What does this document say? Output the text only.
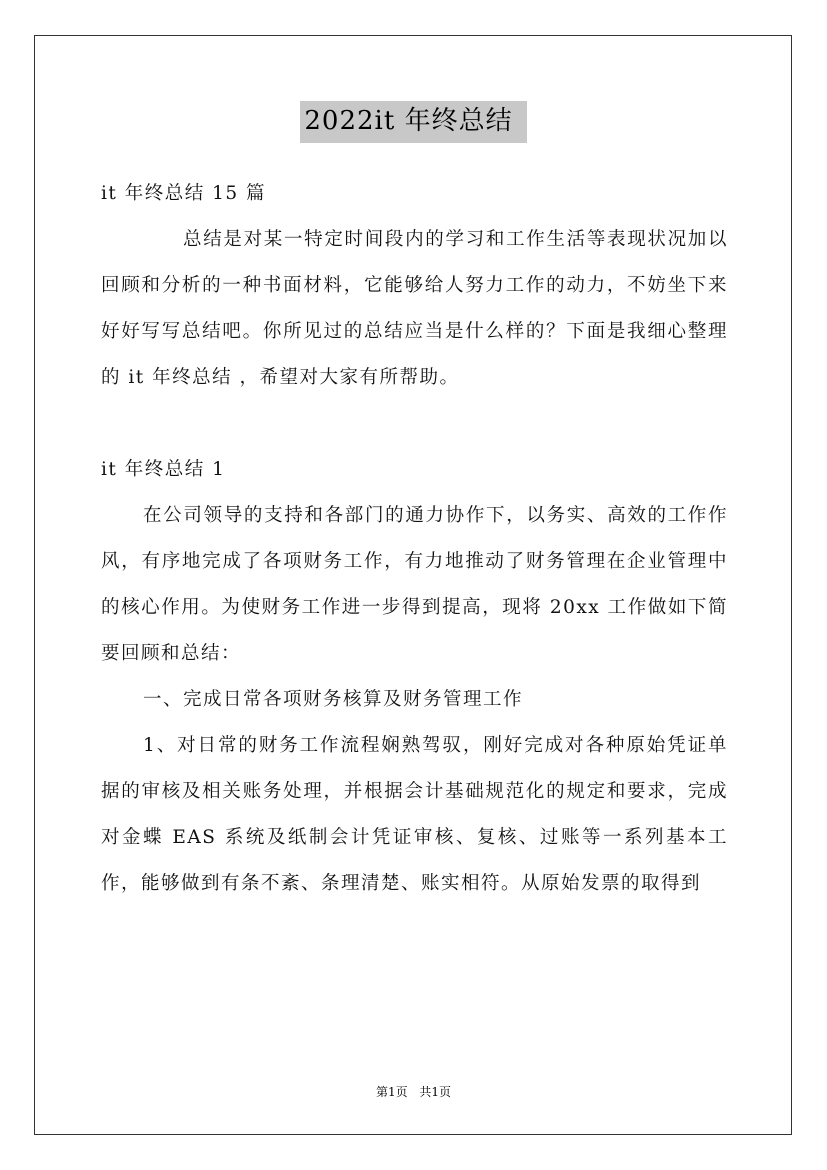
2022it 年终总结

it 年终总结 15 篇

总结是对某一特定时间段内的学习和工作生活等表现状况加以回顾和分析的一种书面材料，它能够给人努力工作的动力，不妨坐下来好好写写总结吧。你所见过的总结应当是什么样的？下面是我细心整理的 it 年终总结 ，希望对大家有所帮助。

it 年终总结 1

在公司领导的支持和各部门的通力协作下，以务实、高效的工作作风，有序地完成了各项财务工作，有力地推动了财务管理在企业管理中的核心作用。为使财务工作进一步得到提高，现将 20xx 工作做如下简要回顾和总结：

一、完成日常各项财务核算及财务管理工作

1、对日常的财务工作流程娴熟驾驭，刚好完成对各种原始凭证单据的审核及相关账务处理，并根据会计基础规范化的规定和要求，完成对金蝶 EAS 系统及纸制会计凭证审核、复核、过账等一系列基本工作，能够做到有条不紊、条理清楚、账实相符。从原始发票的取得到

第1页 共1页
